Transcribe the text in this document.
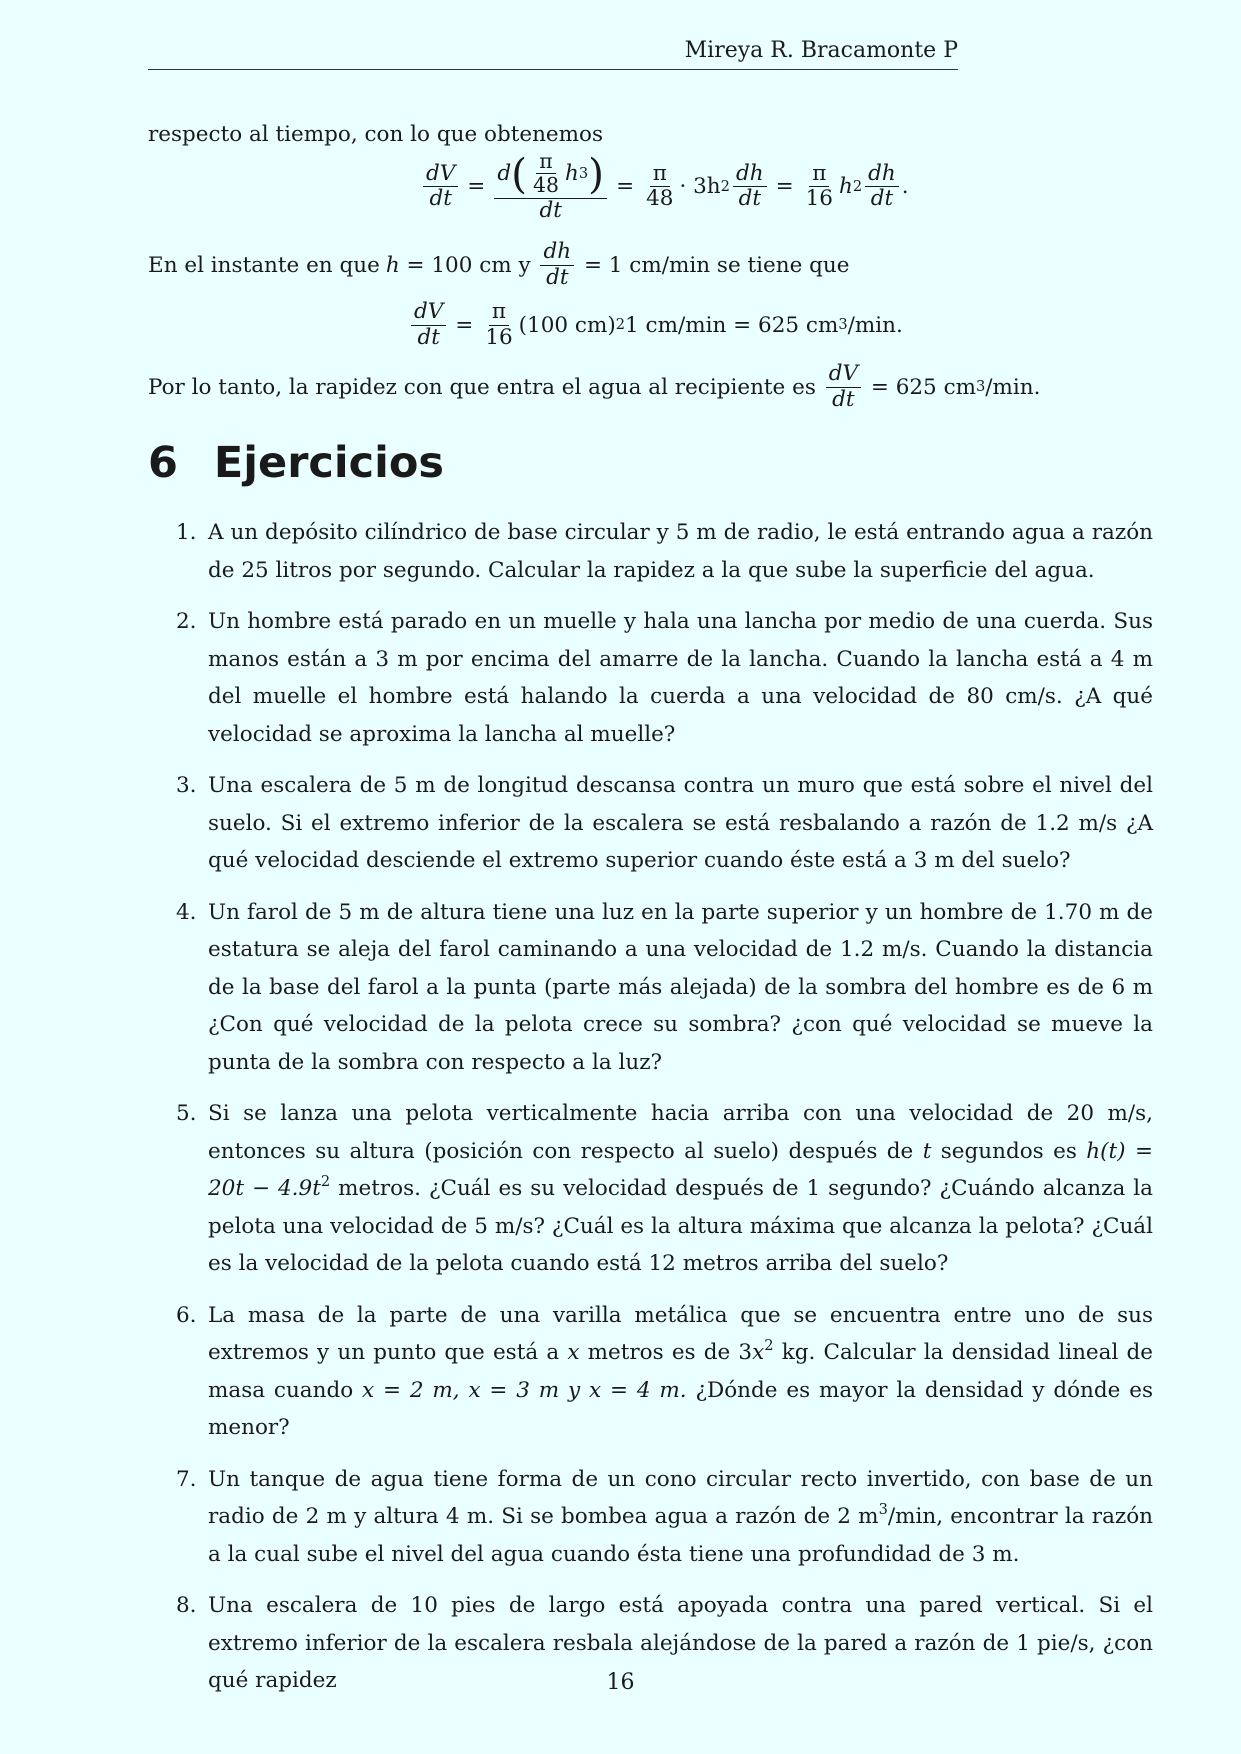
Mireya R. Bracamonte P
respecto al tiempo, con lo que obtenemos
$\frac{dV}{dt}$ =
d ( $\frac{\pi}{48}$ h 3 )
dt
= $\frac{\pi}{48} \cdot 3h$ $2 \frac{dh}{dt} = \frac{\pi}{16}$ h $2 \frac{dh}{dt}$ .
En el instante en que h = 100 cm y $\frac{dh}{dt} = 1$ cm/min se tiene que
$\frac{dV}{dt} = \frac{\pi}{16} (100$ cm) 2 1 cm/min = 625 cm 3 /min.
Por lo tanto, la rapidez con que entra el agua al recipiente es $\frac{dV}{dt} = 625$ cm 3 /min.
6 Ejercicios
1. A un depósito cilíndrico de base circular y 5 m de radio, le está entrando agua a razón de 25 litros por segundo. Calcular la rapidez a la que sube la superficie del agua.
2. Un hombre está parado en un muelle y hala una lancha por medio de una cuerda. Sus manos están a 3 m por encima del amarre de la lancha. Cuando la lancha está a 4 m del muelle el hombre está halando la cuerda a una velocidad de 80 cm/s. ¿A qué velocidad se aproxima la lancha al muelle?
3. Una escalera de 5 m de longitud descansa contra un muro que está sobre el nivel del suelo. Si el extremo inferior de la escalera se está resbalando a razón de 1.2 m/s ¿A qué velocidad desciende el extremo superior cuando éste está a 3 m del suelo?
4. Un farol de 5 m de altura tiene una luz en la parte superior y un hombre de 1.70 m de estatura se aleja del farol caminando a una velocidad de 1.2 m/s. Cuando la distancia de la base del farol a la punta (parte más alejada) de la sombra del hombre es de 6 m ¿Con qué velocidad de la pelota crece su sombra? ¿con qué velocidad se mueve la punta de la sombra con respecto a la luz?
5. Si se lanza una pelota verticalmente hacia arriba con una velocidad de 20 m/s, entonces su altura (posición con respecto al suelo) después de t segundos es $h(t) = 20t - 4.9t^2$ metros. ¿Cuál es su velocidad después de 1 segundo? ¿Cuándo alcanza la pelota una velocidad de 5 m/s? ¿Cuál es la altura máxima que alcanza la pelota? ¿Cuál es la velocidad de la pelota cuando está 12 metros arriba del suelo?
6. La masa de la parte de una varilla metálica que se encuentra entre uno de sus extremos y un punto que está a x metros es de $3x^2$ kg. Calcular la densidad lineal de masa cuando x = 2 m, x = 3 m y x = 4 m. ¿Dónde es mayor la densidad y dónde es menor?
7. Un tanque de agua tiene forma de un cono circular recto invertido, con base de un radio de 2 m y altura 4 m. Si se bombea agua a razón de 2 $m^3/\min$, encontrar la razón a la cual sube el nivel del agua cuando ésta tiene una profundidad de 3 m.
8. Una escalera de 10 pies de largo está apoyada contra una pared vertical. Si el extremo inferior de la escalera resbala alejándose de la pared a razón de 1 pie/s, ¿con qué rapidez	16
